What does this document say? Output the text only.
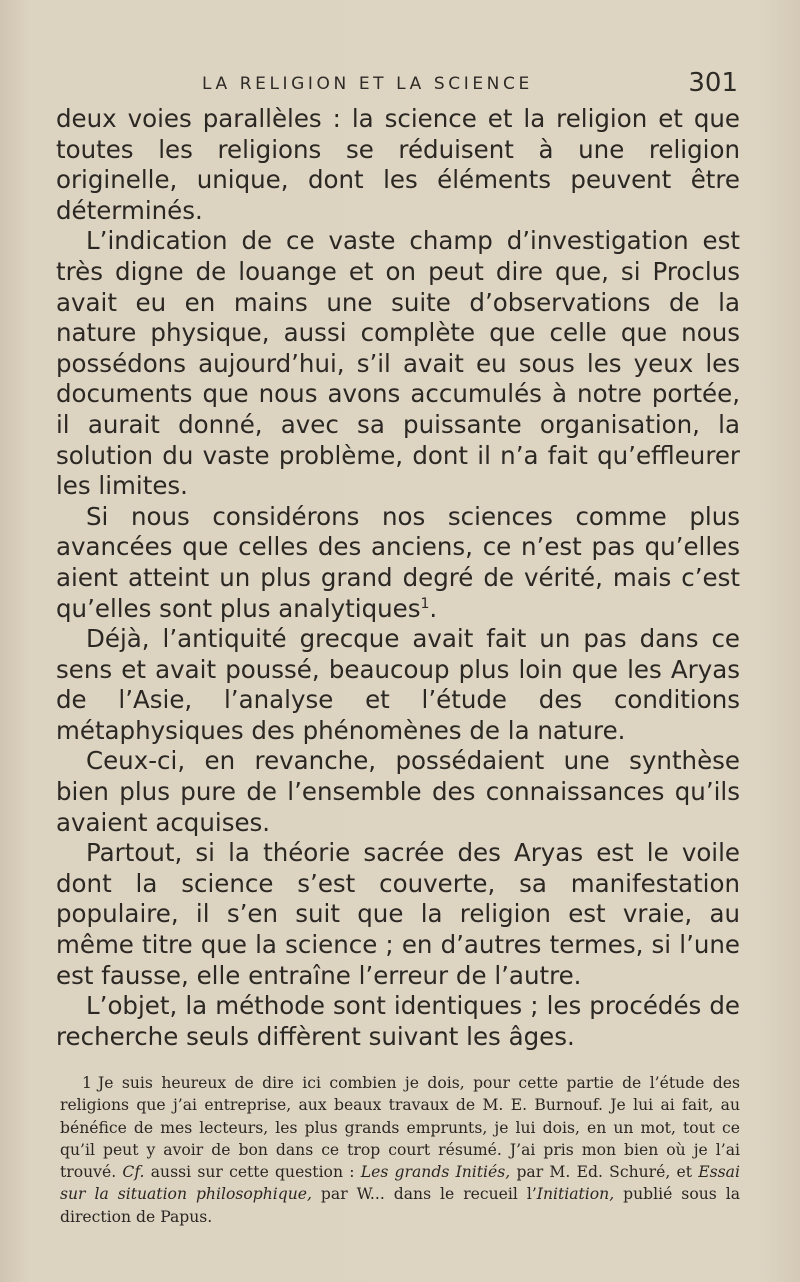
LA RELIGION ET LA SCIENCE	301

deux voies parallèles : la science et la religion et que toutes les religions se réduisent à une religion originelle, unique, dont les éléments peuvent être déterminés.

L’indication de ce vaste champ d’investigation est très digne de louange et on peut dire que, si Proclus avait eu en mains une suite d’observations de la nature physique, aussi complète que celle que nous possédons aujourd’hui, s’il avait eu sous les yeux les documents que nous avons accumulés à notre portée, il aurait donné, avec sa puissante organisation, la solution du vaste problème, dont il n’a fait qu’effleurer les limites.

Si nous considérons nos sciences comme plus avancées que celles des anciens, ce n’est pas qu’elles aient atteint un plus grand degré de vérité, mais c’est qu’elles sont plus analytiques$^1$.

Déjà, l’antiquité grecque avait fait un pas dans ce sens et avait poussé, beaucoup plus loin que les Aryas de l’Asie, l’analyse et l’étude des conditions métaphysiques des phénomènes de la nature.

Ceux-ci, en revanche, possédaient une synthèse bien plus pure de l’ensemble des connaissances qu’ils avaient acquises.

Partout, si la théorie sacrée des Aryas est le voile dont la science s’est couverte, sa manifestation populaire, il s’en suit que la religion est vraie, au même titre que la science ; en d’autres termes, si l’une est fausse, elle entraîne l’erreur de l’autre.

L’objet, la méthode sont identiques ; les procédés de recherche seuls diffèrent suivant les âges.

1 Je suis heureux de dire ici combien je dois, pour cette partie de l’étude des religions que j’ai entreprise, aux beaux travaux de M. E. Burnouf. Je lui ai fait, au bénéfice de mes lecteurs, les plus grands emprunts, je lui dois, en un mot, tout ce qu’il peut y avoir de bon dans ce trop court résumé. J’ai pris mon bien où je l’ai trouvé. Cf. aussi sur cette question : Les grands Initiés, par M. Ed. Schuré, et Essai sur la situation philosophique, par W... dans le recueil l’Initiation, publié sous la direction de Papus.
